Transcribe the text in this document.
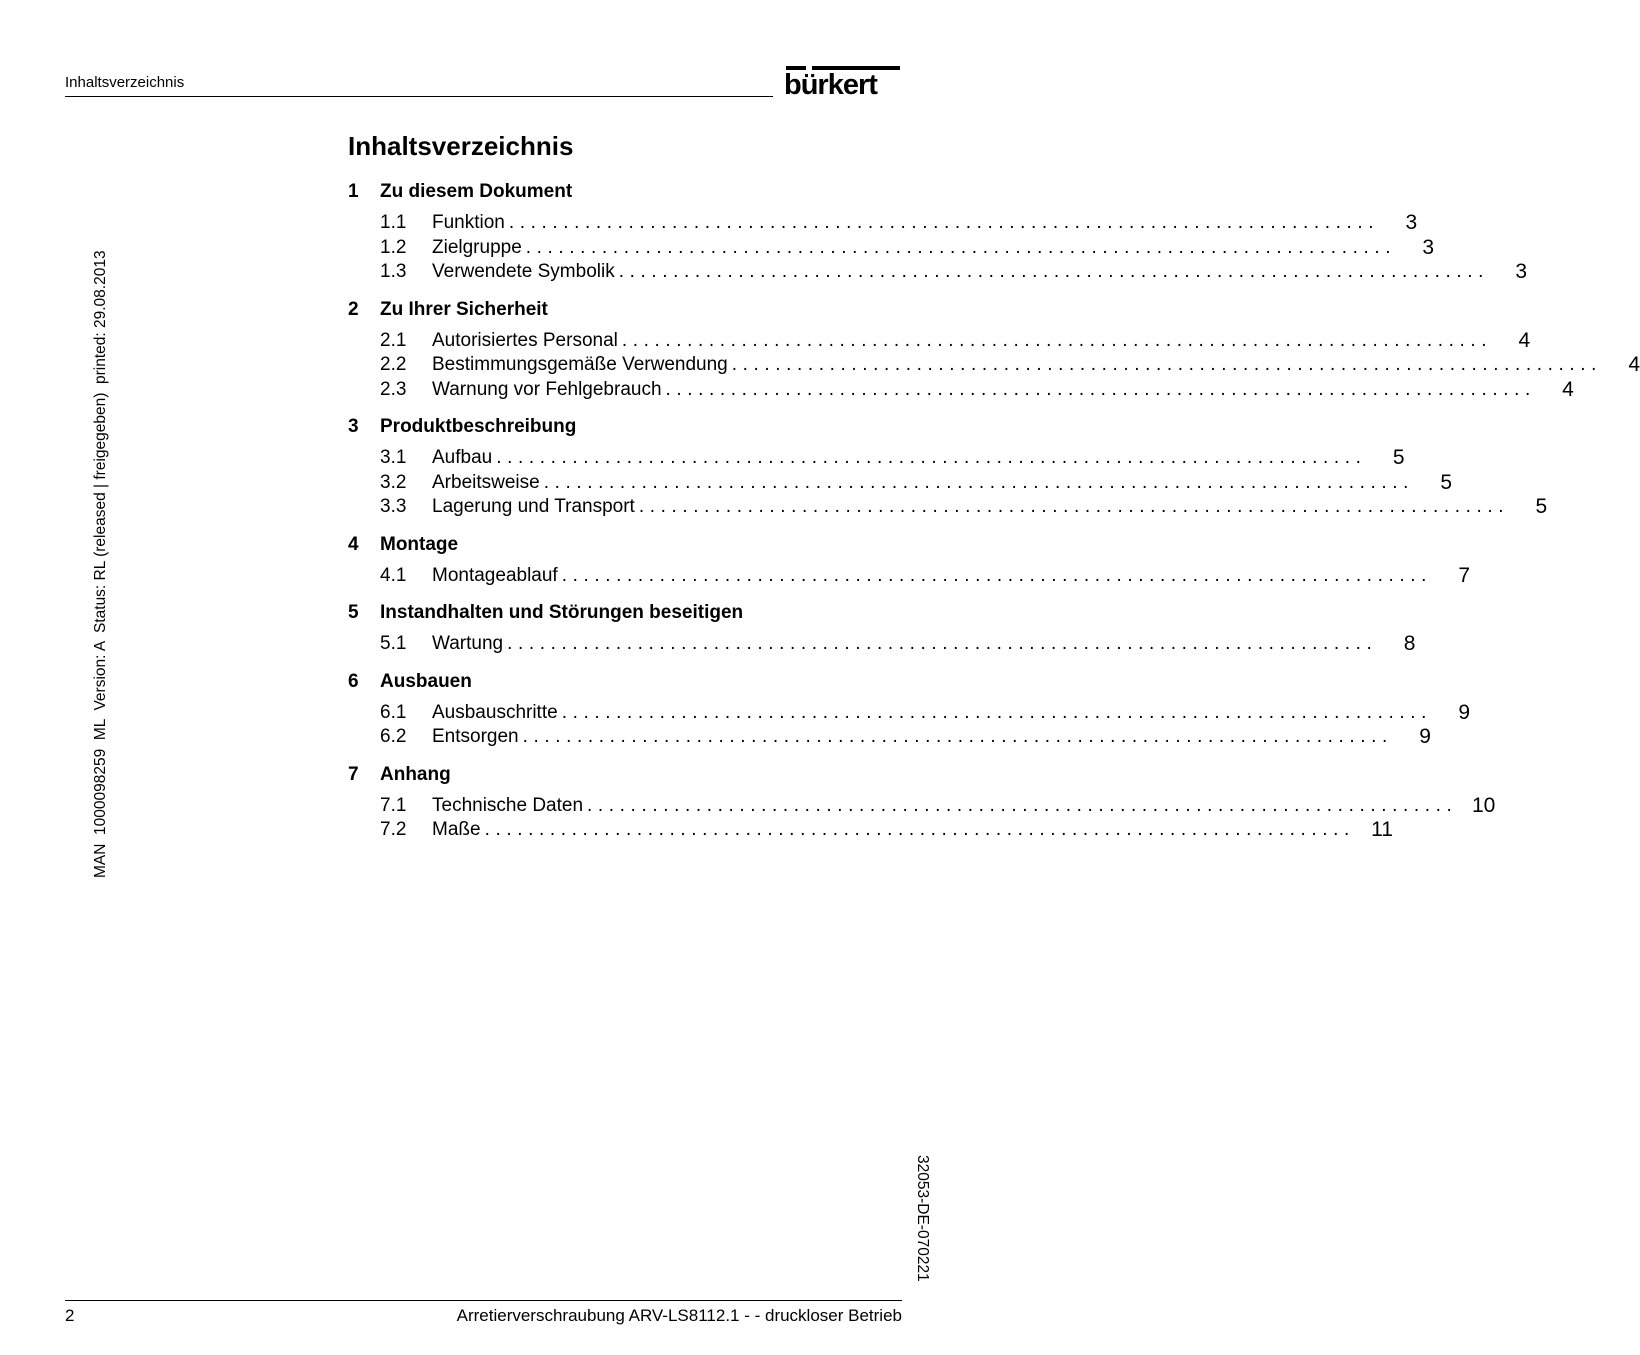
Inhaltsverzeichnis	bürkert
MAN  1000098259  ML  Version: A  Status: RL (released | freigegeben)  printed: 29.08.2013
32053-DE-070221
Inhaltsverzeichnis
1	Zu diesem Dokument
1.1	Funktion ................................................................................	3
1.2	Zielgruppe ................................................................................	3
1.3	Verwendete Symbolik ................................................................................	3
2	Zu Ihrer Sicherheit
2.1	Autorisiertes Personal ................................................................................	4
2.2	Bestimmungsgemäße Verwendung ................................................................................	4
2.3	Warnung vor Fehlgebrauch ................................................................................	4
3	Produktbeschreibung
3.1	Aufbau ................................................................................	5
3.2	Arbeitsweise ................................................................................	5
3.3	Lagerung und Transport ................................................................................	5
4	Montage
4.1	Montageablauf ................................................................................	7
5	Instandhalten und Störungen beseitigen
5.1	Wartung ................................................................................	8
6	Ausbauen
6.1	Ausbauschritte ................................................................................	9
6.2	Entsorgen ................................................................................	9
7	Anhang
7.1	Technische Daten ................................................................................ 10
7.2	Maße ................................................................................ 11
2	Arretierverschraubung ARV-LS8112.1 - - druckloser Betrieb
